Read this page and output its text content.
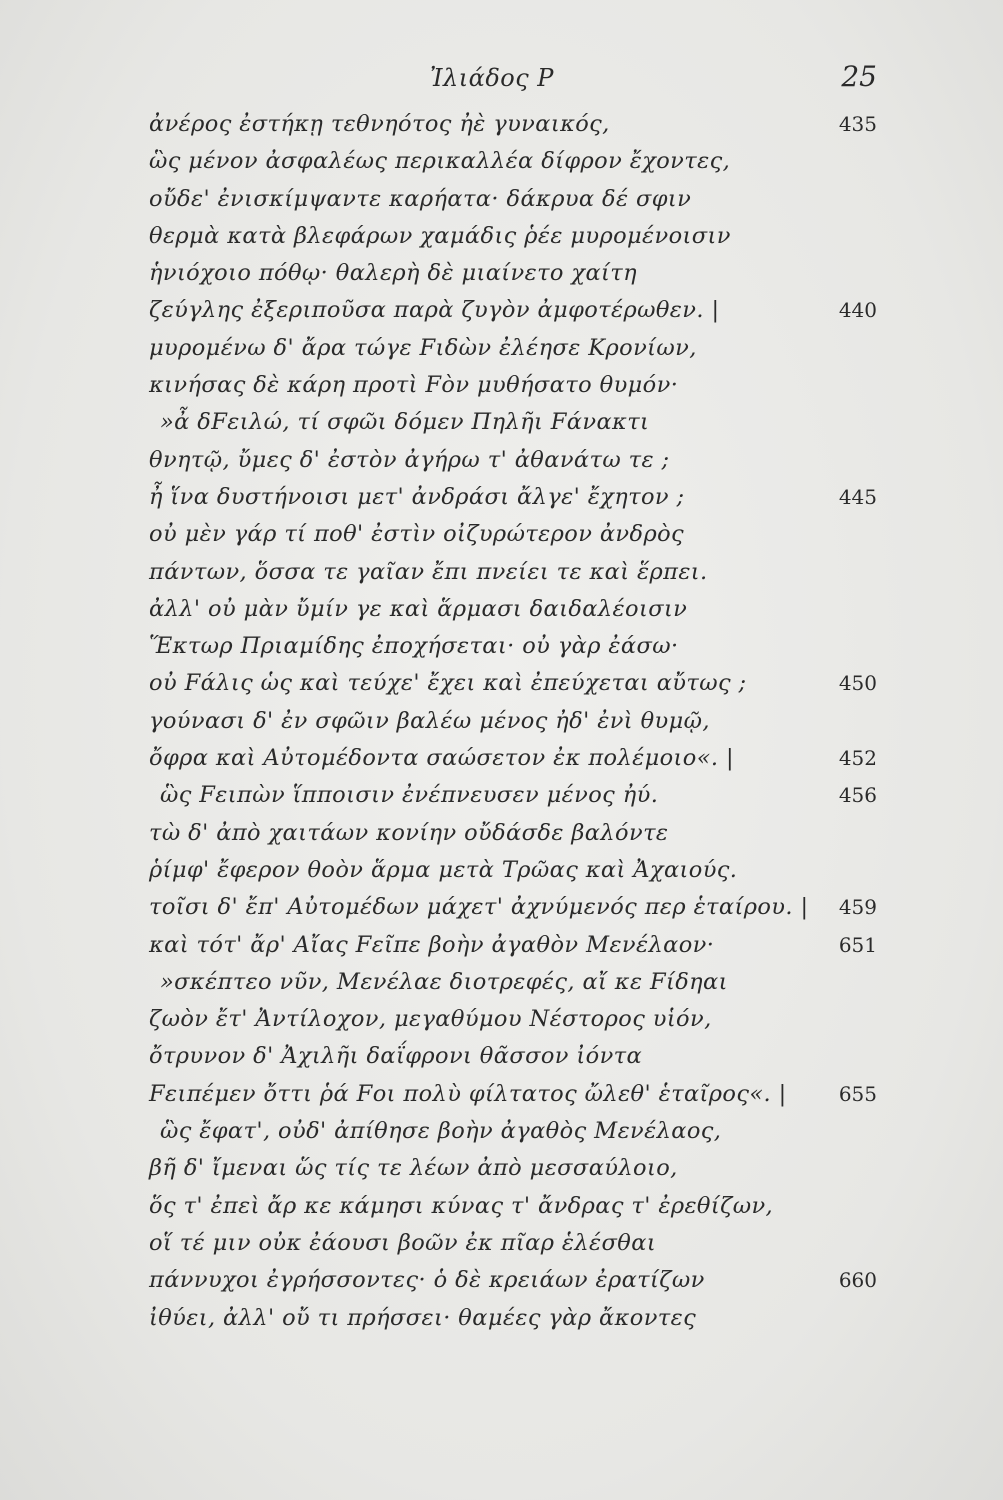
Ἰλιάδος Ρ	25
ἀνέρος ἐστήκῃ τεθνηότος ἠὲ γυναικός,	435
ὣς μένον ἀσφαλέως περικαλλέα δίφρον ἔχοντες,
οὔδε' ἐνισκίμψαντε καρήατα· δάκρυα δέ σφιν
θερμὰ κατὰ βλεφάρων χαμάδις ῥέε μυρομένοισιν
ἡνιόχοιο πόθῳ· θαλερὴ δὲ μιαίνετο χαίτη
ζεύγλης ἐξεριποῦσα παρὰ ζυγὸν ἀμφοτέρωθεν. |	440
μυρομένω δ' ἄρα τώγε Fιδὼν ἐλέησε Κρονίων,
κινήσας δὲ κάρη προτὶ Fὸν μυθήσατο θυμόν·
»ἆ δFειλώ, τί σφῶι δόμεν Πηλῆι Fάνακτι
θνητῷ, ὔμες δ' ἐστὸν ἀγήρω τ' ἀθανάτω τε ;
ἦ ἵνα δυστήνοισι μετ' ἀνδράσι ἄλγε' ἔχητον ;	445
οὐ μὲν γάρ τί ποθ' ἐστὶν οἰζυρώτερον ἀνδρὸς
πάντων, ὅσσα τε γαῖαν ἔπι πνείει τε καὶ ἕρπει.
ἀλλ' οὐ μὰν ὔμίν γε καὶ ἅρμασι δαιδαλέοισιν
Ἕκτωρ Πριαμίδης ἐποχήσεται· οὐ γὰρ ἐάσω·
οὐ Fάλις ὡς καὶ τεύχε' ἔχει καὶ ἐπεύχεται αὔτως ;	450
γούνασι δ' ἐν σφῶιν βαλέω μένος ἠδ' ἐνὶ θυμῷ,
ὄφρα καὶ Αὐτομέδοντα σαώσετον ἐκ πολέμοιο«. |	452
ὣς Fειπὼν ἵπποισιν ἐνέπνευσεν μένος ἠύ.	456
τὼ δ' ἀπὸ χαιτάων κονίην οὔδάσδε βαλόντε
ῥίμφ' ἔφερον θοὸν ἅρμα μετὰ Τρῶας καὶ Ἀχαιούς.
τοῖσι δ' ἔπ' Αὐτομέδων μάχετ' ἀχνύμενός περ ἑταίρου. | 459
καὶ τότ' ἄρ' Αἴας Fεῖπε βοὴν ἀγαθὸν Μενέλαον·	651
»σκέπτεο νῦν, Μενέλαε διοτρεφές, αἴ κε Fίδηαι
ζωὸν ἔτ' Ἀντίλοχον, μεγαθύμου Νέστορος υἱόν,
ὄτρυνον δ' Ἀχιλῆι δαΐφρονι θᾶσσον ἰόντα
Fειπέμεν ὄττι ῥά Fοι πολὺ φίλτατος ὤλεθ' ἑταῖρος«. |	655
ὣς ἔφατ', οὐδ' ἀπίθησε βοὴν ἀγαθὸς Μενέλαος,
βῆ δ' ἴμεναι ὥς τίς τε λέων ἀπὸ μεσσαύλοιο,
ὅς τ' ἐπεὶ ἄρ κε κάμησι κύνας τ' ἄνδρας τ' ἐρεθίζων,
οἵ τέ μιν οὐκ ἐάουσι βοῶν ἐκ πῖαρ ἑλέσθαι
πάννυχοι ἐγρήσσοντες· ὁ δὲ κρειάων ἐρατίζων	660
ἰθύει, ἀλλ' οὔ τι πρήσσει· θαμέες γὰρ ἄκοντες
